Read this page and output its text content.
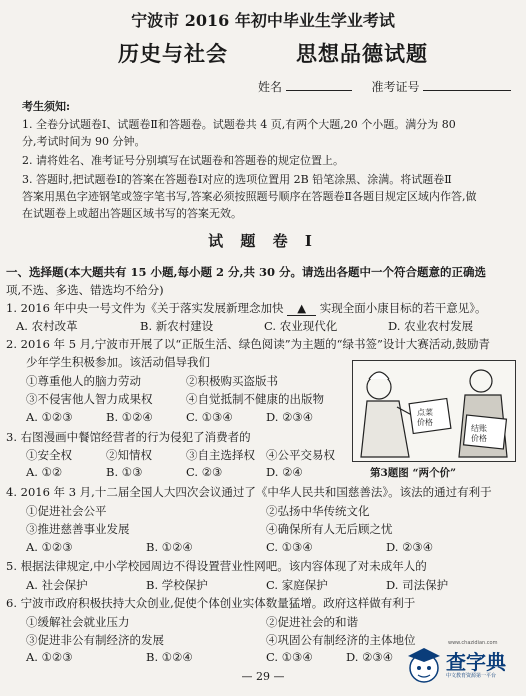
宁波市 2016 年初中毕业生学业考试
历史与社会	思想品德试题
姓名	准考证号
考生须知:
1. 全卷分试题卷Ⅰ、试题卷Ⅱ和答题卷。试题卷共 4 页,有两个大题,20 个小题。满分为 80
分,考试时间为 90 分钟。
2. 请将姓名、准考证号分别填写在试题卷和答题卷的规定位置上。
3. 答题时,把试题卷Ⅰ的答案在答题卷Ⅰ对应的选项位置用 2B 铅笔涂黑、涂满。将试题卷Ⅱ
答案用黑色字迹钢笔或签字笔书写,答案必须按照题号顺序在答题卷Ⅱ各题目规定区域内作答,做
在试题卷上或超出答题区域书写的答案无效。
试 题 卷 Ⅰ
一、选择题(本大题共有 15 小题,每小题 2 分,共 30 分。请选出各题中一个符合题意的正确选
项,不选、多选、错选均不给分)
1. 2016 年中央一号文件为《关于落实发展新理念加快 ▲ 实现全面小康目标的若干意见》。
A. 农村改革	B. 新农村建设	C. 农业现代化	D. 农业农村发展
2. 2016 年 5 月,宁波市开展了以“正版生活、绿色阅读”为主题的“绿书签”设计大赛活动,鼓励青
少年学生积极参加。该活动倡导我们
①尊重他人的脑力劳动	②积极购买盗版书
③不侵害他人智力成果权	④自觉抵制不健康的出版物
A. ①②③	B. ①②④	C. ①③④	D. ②③④	点菜
价格
结账
价格
3. 右图漫画中餐馆经营者的行为侵犯了消费者的
①安全权	②知情权	③自主选择权 ④公平交易权
A. ①②	B. ①③	C. ②③	D. ②④	第3题图 “两个价”
4. 2016 年 3 月,十二届全国人大四次会议通过了《中华人民共和国慈善法》。该法的通过有利于
①促进社会公平	②弘扬中华传统文化
③推进慈善事业发展	④确保所有人无后顾之忧
A. ①②③	B. ①②④	C. ①③④	D. ②③④
5. 根据法律规定,中小学校园周边不得设置营业性网吧。该内容体现了对未成年人的
A. 社会保护	B. 学校保护	C. 家庭保护	D. 司法保护
6. 宁波市政府积极扶持大众创业,促使个体创业实体数量猛增。政府这样做有利于
①缓解社会就业压力	②促进社会的和谐
③促进非公有制经济的发展	④巩固公有制经济的主体地位
A. ①②③	B. ①②④	C. ①③④	D. ②③④
— 29 —
www.chazidian.com
查字典
中文教育资源第一平台
